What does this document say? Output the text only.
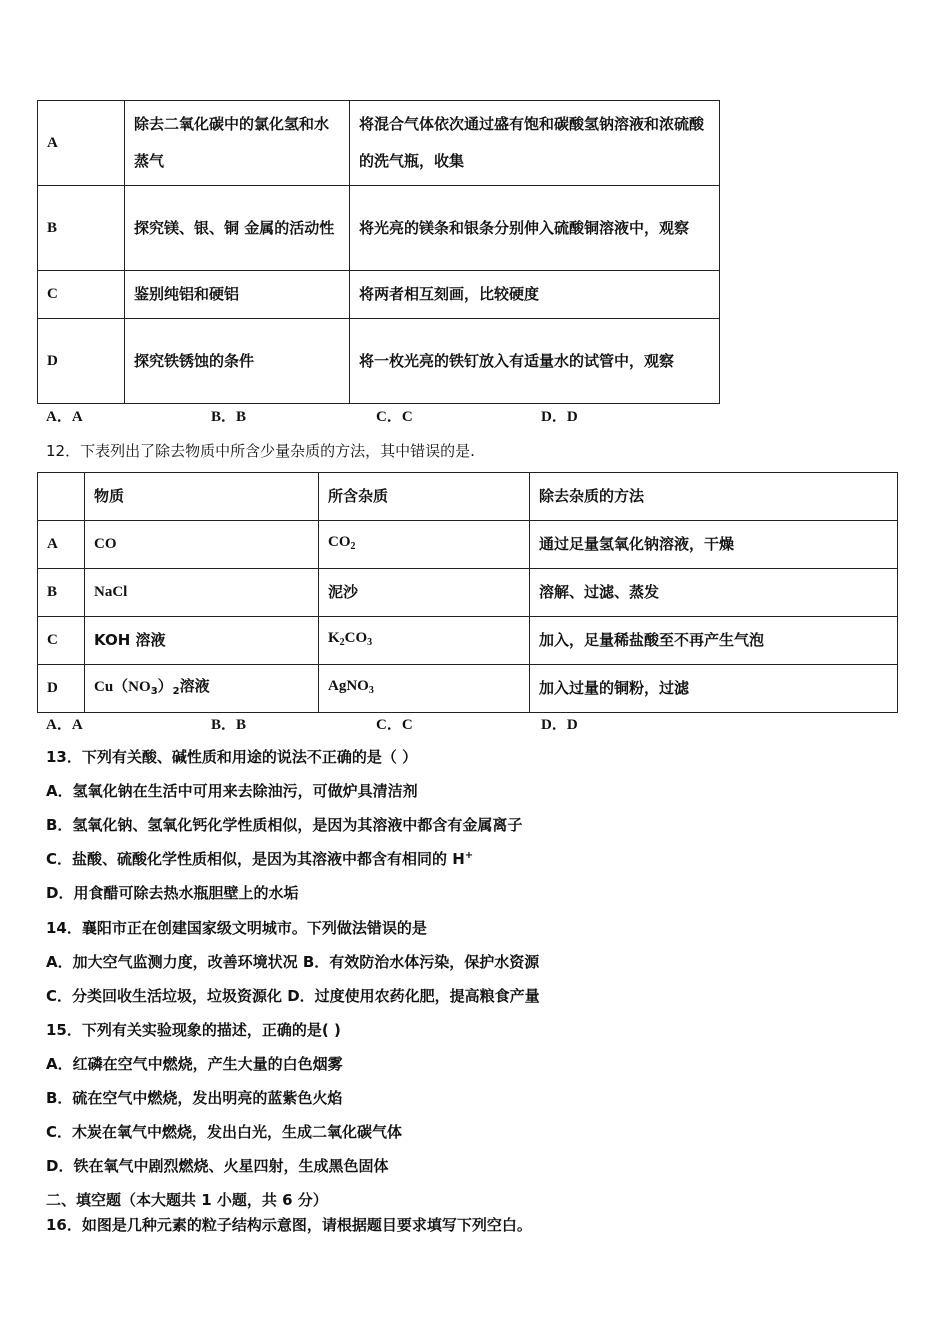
A	除去二氧化碳中的氯化氢和水蒸气	将混合气体依次通过盛有饱和碳酸氢钠溶液和浓硫酸的洗气瓶，收集
B	探究镁、银、铜 金属的活动性	将光亮的镁条和银条分别伸入硫酸铜溶液中，观察
C	鉴别纯铝和硬铝	将两者相互刻画，比较硬度
D	探究铁锈蚀的条件	将一枚光亮的铁钉放入有适量水的试管中，观察
A．A	B．B	C．C	D．D
12．下表列出了除去物质中所含少量杂质的方法，其中错误的是.
	物质	所含杂质	除去杂质的方法
A	CO	$CO_2$	通过足量氢氧化钠溶液，干燥
B	NaCl	泥沙	溶解、过滤、蒸发
C	KOH 溶液	$K_2CO_3$	加入，足量稀盐酸至不再产生气泡
D	$Cu(NO_3)_2$溶液	AgNO$_3$	加入过量的铜粉，过滤
A．A	B．B	C．C	D．D
13．下列有关酸、碱性质和用途的说法不正确的是（ ）
A．氢氧化钠在生活中可用来去除油污，可做炉具清洁剂
B．氢氧化钠、氢氧化钙化学性质相似，是因为其溶液中都含有金属离子
C．盐酸、硫酸化学性质相似，是因为其溶液中都含有相同的 H+
D．用食醋可除去热水瓶胆壁上的水垢
14．襄阳市正在创建国家级文明城市。下列做法错误的是
A．加大空气监测力度，改善环境状况 B．有效防治水体污染，保护水资源
C．分类回收生活垃圾，垃圾资源化 D．过度使用农药化肥，提高粮食产量
15．下列有关实验现象的描述，正确的是( )
A．红磷在空气中燃烧，产生大量的白色烟雾
B．硫在空气中燃烧，发出明亮的蓝紫色火焰
C．木炭在氧气中燃烧，发出白光，生成二氧化碳气体
D．铁在氧气中剧烈燃烧、火星四射，生成黑色固体
二、填空题（本大题共 1 小题，共 6 分）
16．如图是几种元素的粒子结构示意图，请根据题目要求填写下列空白。
